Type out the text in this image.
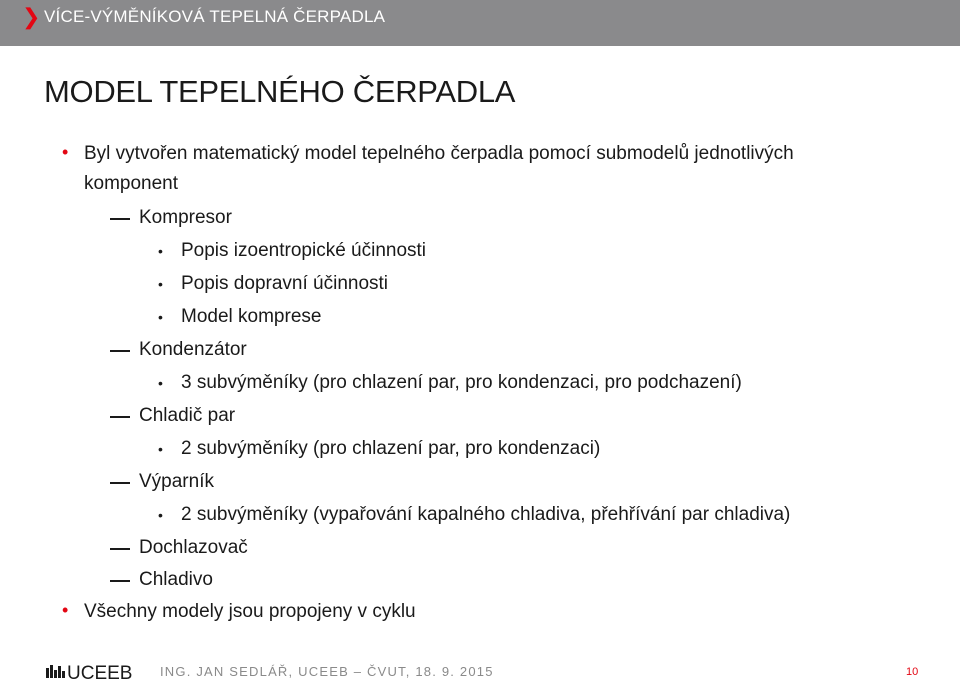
❯ VÍCE-VÝMĚNÍKOVÁ TEPELNÁ ČERPADLA
MODEL TEPELNÉHO ČERPADLA
• Byl vytvořen matematický model tepelného čerpadla pomocí submodelů jednotlivých
komponent
Kompresor
• Popis izoentropické účinnosti
• Popis dopravní účinnosti
• Model komprese
Kondenzátor
• 3 subvýměníky (pro chlazení par, pro kondenzaci, pro podchazení)
Chladič par
• 2 subvýměníky (pro chlazení par, pro kondenzaci)
Výparník
• 2 subvýměníky (vypařování kapalného chladiva, přehřívání par chladiva)
Dochlazovač
Chladivo
• Všechny modely jsou propojeny v cyklu
UCEEB ING. JAN SEDLÁŘ, UCEEB – ČVUT, 18. 9. 2015	10
